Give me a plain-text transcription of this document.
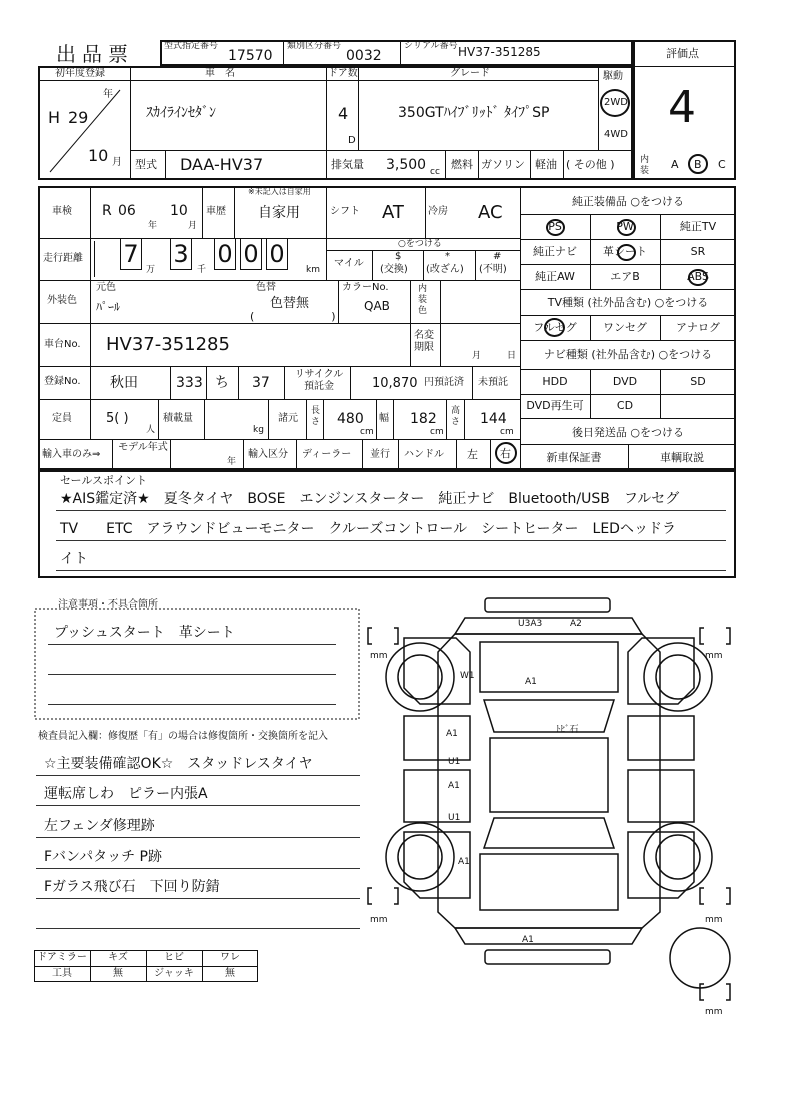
出品票	型式指定番号
17570
類別区分番号
0032
シリアル番号 HV37-351285	評価点
4
初年度登録	車　名	ドア数	グレード	駆動
H 29
年
10 月
ｽｶｲﾗｲﾝｾﾀﾞﾝ	4
D
350GTﾊｲﾌﾞﾘｯﾄﾞ ﾀｲﾌﾟSP
2WD
4WD
型式 DAA-HV37	排気量 3,500 cc
燃料 ガソリン 軽油 ( その他 )	内装 A B C
車検 R 06
年
10
月
車歴
※未記入は自家用
自家用	シフト AT 冷房 AC
走行距離 7
万
3
千
0 0 0
km
○をつける
マイル
$
(交換)
*
(改ざん)
#
(不明)
外装色
元色
ﾊﾟｰﾙ
色替
色替無
(　　　　　　　)
カラーNo.
QAB
内装色
車台No. HV37-351285	名変期限
月	日
登録No. 秋田	333 ち 37
リサイクル預託金	10,870 円預託済 未預託
定員	5( )
人
積載量
kg
諸元
長さ 480
cm
幅 182
cm
高さ 144
cm
輸入車のみ⇒
モデル年式
年
輸入区分 ディーラー 並行 ハンドル 左 右
純正装備品 ○をつける
PS	PW	純正TV
純正ナビ	革シート	SR
純正AW	エアB	ABS
TV種類 (社外品含む) ○をつける
フルセグ	ワンセグ	アナログ
ナビ種類 (社外品含む) ○をつける
HDD	DVD	SD
DVD再生可	CD
後日発送品 ○をつける
新車保証書	車輌取説
セールスポイント
★AIS鑑定済★　夏冬タイヤ　BOSE　エンジンスターター　純正ナビ　Bluetooth/USB　フルセグ
TV　　ETC　アラウンドビューモニター　クルーズコントロール　シートヒーター　LEDヘッドラ
イト
注意事項・不具合箇所
プッシュスタート　革シート
検査員記入欄：修復歴「有」の場合は修復箇所・交換箇所を記入
☆主要装備確認OK☆　スタッドレスタイヤ
運転席しわ　ピラー内張A
左フェンダ修理跡
Fバンパタッチ P跡
Fガラス飛び石　下回り防錆
ドアミラー	キズ	ヒビ	ワレ
工具	無	ジャッキ	無
mm	mm
mm	mm
mm
U3A3	A2
W1
A1
ﾄﾋﾞ石
A1
U1
A1
U1
A1
A1
